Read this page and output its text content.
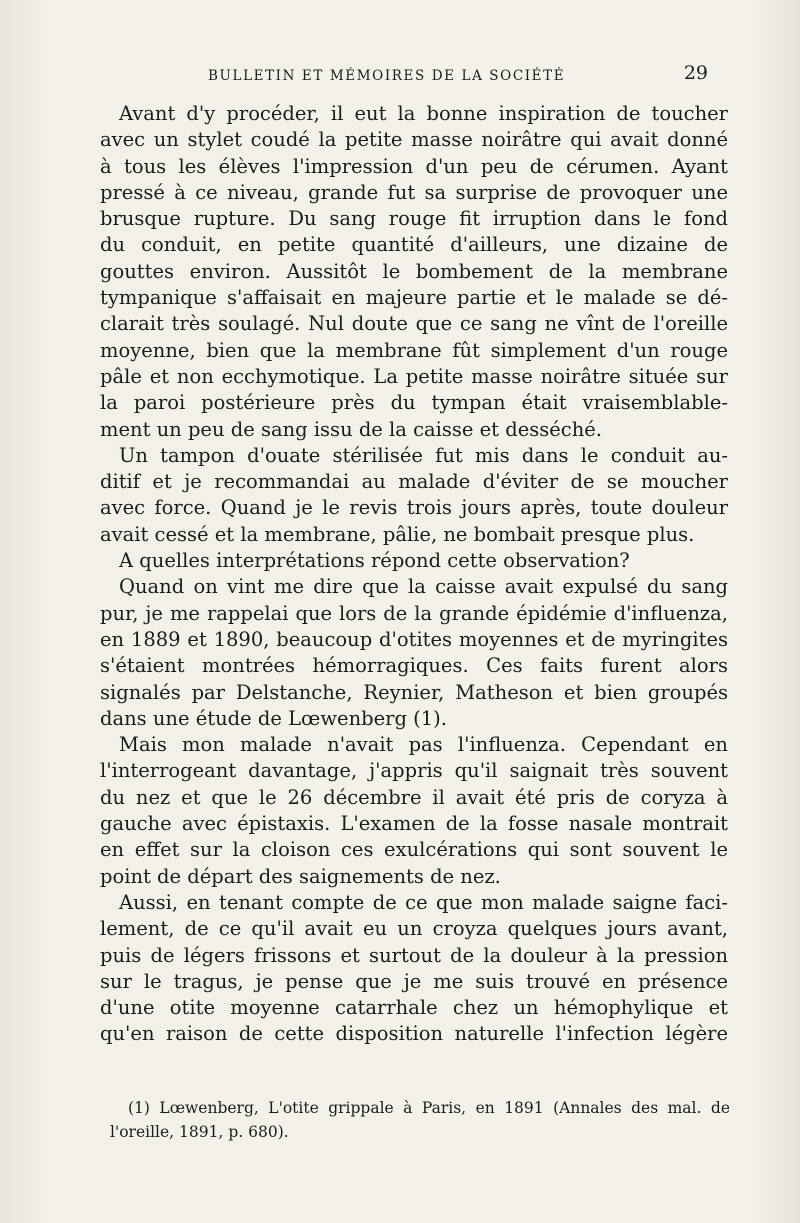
BULLETIN ET MÉMOIRES DE LA SOCIÉTÉ	29
Avant d'y procéder, il eut la bonne inspiration de toucher
avec un stylet coudé la petite masse noirâtre qui avait donné
à tous les élèves l'impression d'un peu de cérumen. Ayant
pressé à ce niveau, grande fut sa surprise de provoquer une
brusque rupture. Du sang rouge fit irruption dans le fond
du conduit, en petite quantité d'ailleurs, une dizaine de
gouttes environ. Aussitôt le bombement de la membrane
tympanique s'affaisait en majeure partie et le malade se dé-
clarait très soulagé. Nul doute que ce sang ne vînt de l'oreille
moyenne, bien que la membrane fût simplement d'un rouge
pâle et non ecchymotique. La petite masse noirâtre située sur
la paroi postérieure près du tympan était vraisemblable-
ment un peu de sang issu de la caisse et desséché.
Un tampon d'ouate stérilisée fut mis dans le conduit au-
ditif et je recommandai au malade d'éviter de se moucher
avec force. Quand je le revis trois jours après, toute douleur
avait cessé et la membrane, pâlie, ne bombait presque plus.
A quelles interprétations répond cette observation?
Quand on vint me dire que la caisse avait expulsé du sang
pur, je me rappelai que lors de la grande épidémie d'influenza,
en 1889 et 1890, beaucoup d'otites moyennes et de myringites
s'étaient montrées hémorragiques. Ces faits furent alors
signalés par Delstanche, Reynier, Matheson et bien groupés
dans une étude de Lœwenberg (1).
Mais mon malade n'avait pas l'influenza. Cependant en
l'interrogeant davantage, j'appris qu'il saignait très souvent
du nez et que le 26 décembre il avait été pris de coryza à
gauche avec épistaxis. L'examen de la fosse nasale montrait
en effet sur la cloison ces exulcérations qui sont souvent le
point de départ des saignements de nez.
Aussi, en tenant compte de ce que mon malade saigne faci-
lement, de ce qu'il avait eu un croyza quelques jours avant,
puis de légers frissons et surtout de la douleur à la pression
sur le tragus, je pense que je me suis trouvé en présence
d'une otite moyenne catarrhale chez un hémophylique et
qu'en raison de cette disposition naturelle l'infection légère
(1) Lœwenberg, L'otite grippale à Paris, en 1891 (Annales des mal. de
l'oreille, 1891, p. 680).
